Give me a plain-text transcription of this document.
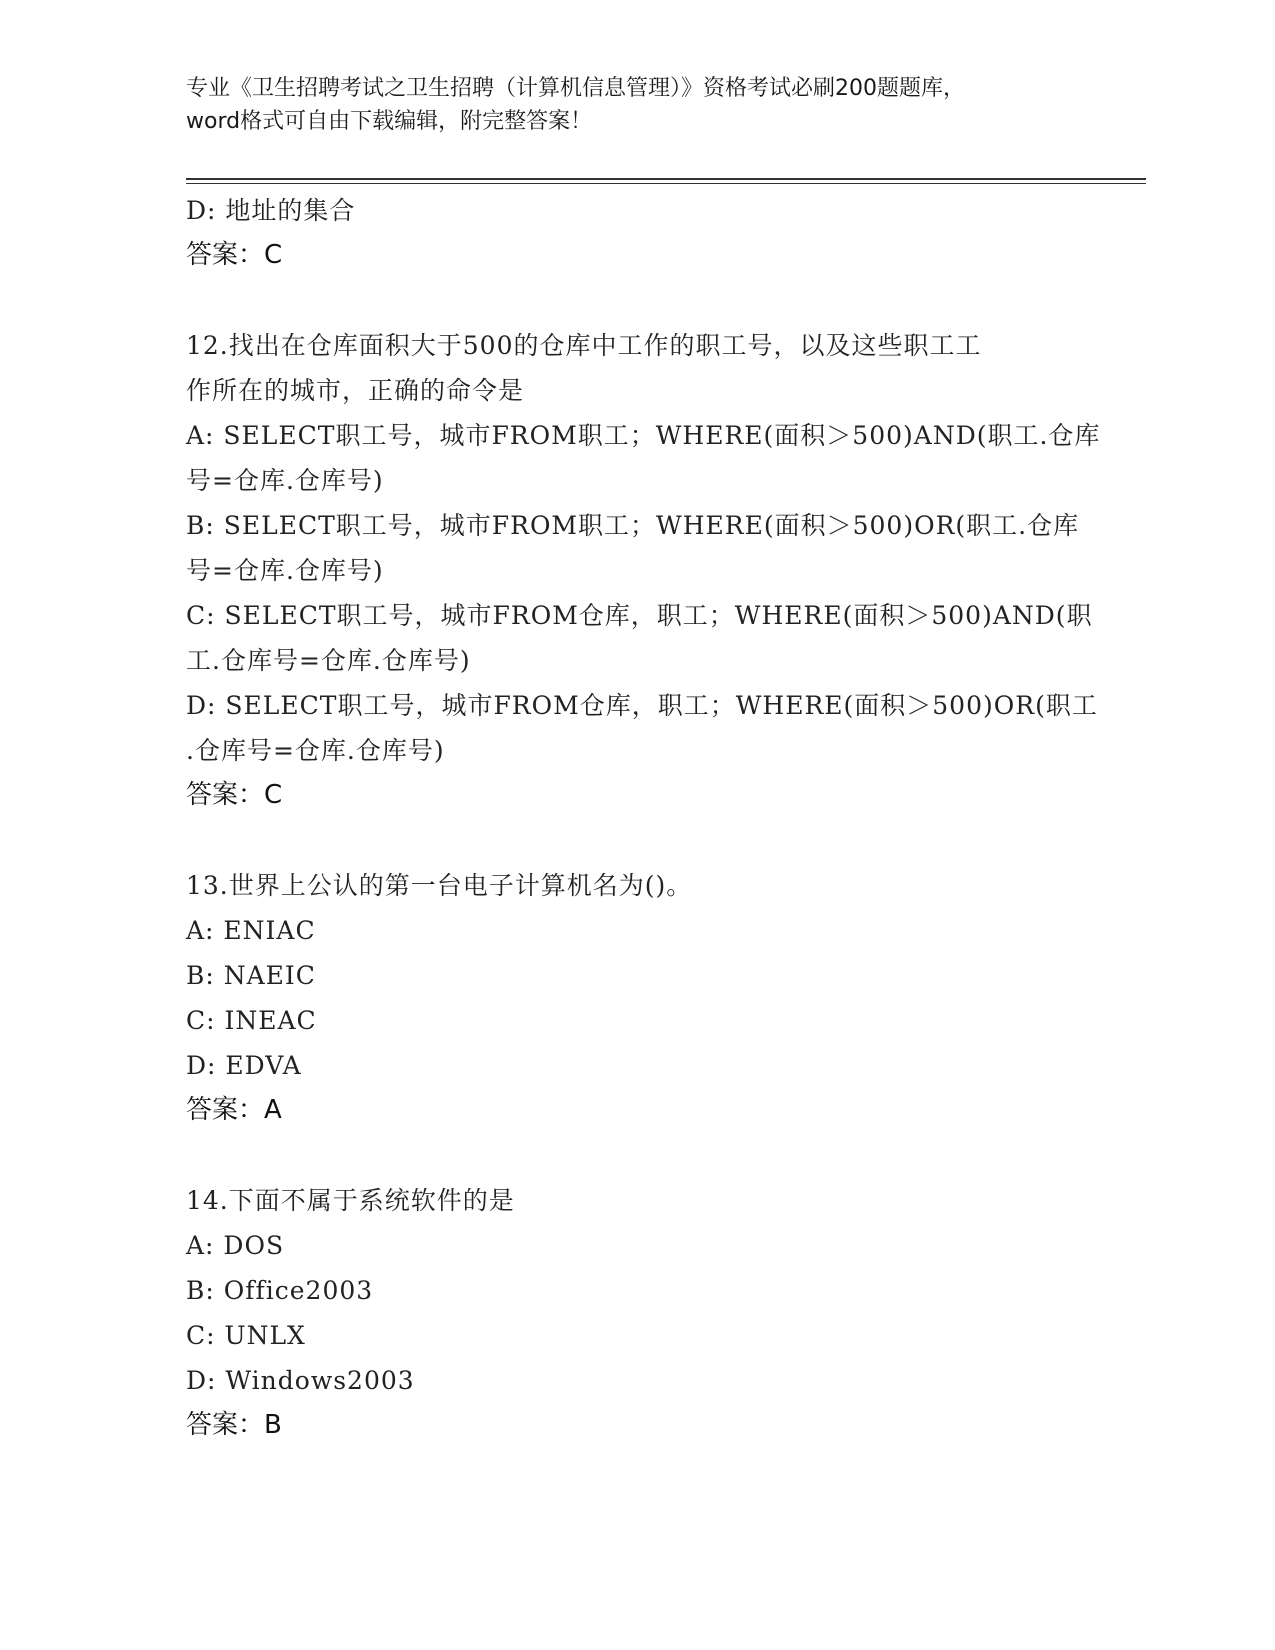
专业《卫生招聘考试之卫生招聘（计算机信息管理）》资格考试必刷200题题库，
word格式可自由下载编辑，附完整答案！
D: 地址的集合
答案：C
12.找出在仓库面积大于500的仓库中工作的职工号，以及这些职工工
作所在的城市，正确的命令是
A: SELECT职工号，城市FROM职工；WHERE(面积＞500)AND(职工.仓库
号=仓库.仓库号)
B: SELECT职工号，城市FROM职工；WHERE(面积＞500)OR(职工.仓库
号=仓库.仓库号)
C: SELECT职工号，城市FROM仓库，职工；WHERE(面积＞500)AND(职
工.仓库号=仓库.仓库号)
D: SELECT职工号，城市FROM仓库，职工；WHERE(面积＞500)OR(职工
.仓库号=仓库.仓库号)
答案：C
13.世界上公认的第一台电子计算机名为()。
A: ENIAC
B: NAEIC
C: INEAC
D: EDVA
答案：A
14.下面不属于系统软件的是
A: DOS
B: Office2003
C: UNLX
D: Windows2003
答案：B
